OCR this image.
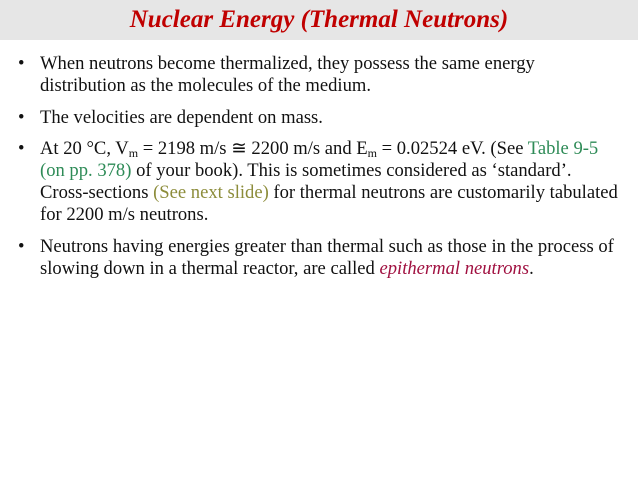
Nuclear Energy (Thermal Neutrons)
• When neutrons become thermalized, they possess the same energy distribution as the molecules of the medium.
• The velocities are dependent on mass.
• At 20 °C, $V_m = 2198$ m/s ≅ 2200 m/s and $E_m = 0.02524$ eV. (See Table 9-5 (on pp. 378) of your book). This is sometimes considered as ‘standard’. Cross-sections (See next slide) for thermal neutrons are customarily tabulated for 2200 m/s neutrons.
• Neutrons having energies greater than thermal such as those in the process of slowing down in a thermal reactor, are called epithermal neutrons.
